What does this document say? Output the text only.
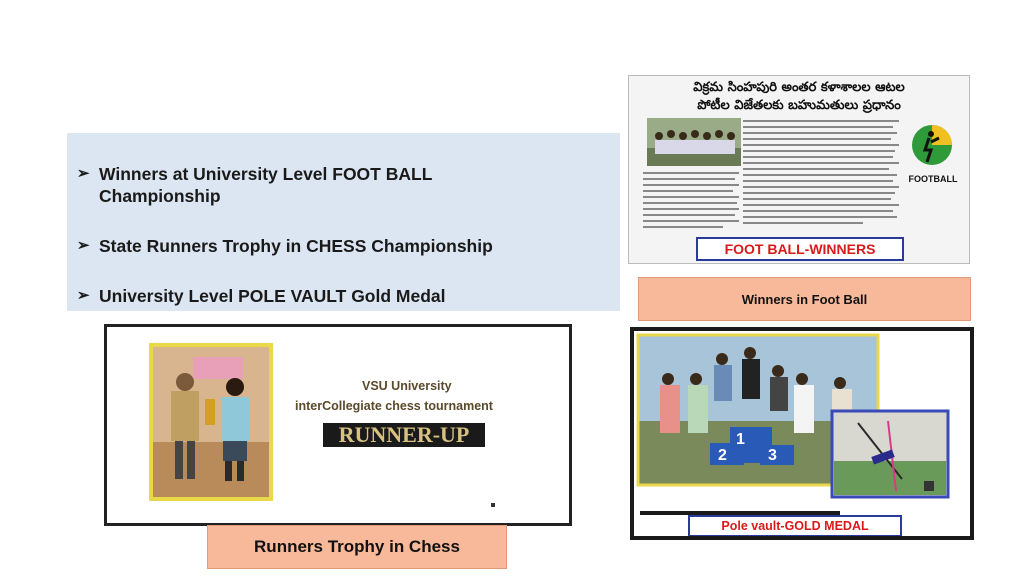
➢ Winners at University Level FOOT BALL
Championship
➢ State Runners Trophy in CHESS Championship
➢ University Level POLE VAULT Gold Medal
VSU University
interCollegiate chess tournament
RUNNER-UP
Runners Trophy in Chess
విక్రమ సింహపురి అంతర కళాశాలల ఆటల
పోటీల విజేతలకు బహుమతులు ప్రధానం
FOOTBALL
FOOT BALL-WINNERS
Winners in Foot Ball
1
2	3
Pole vault-GOLD MEDAL
